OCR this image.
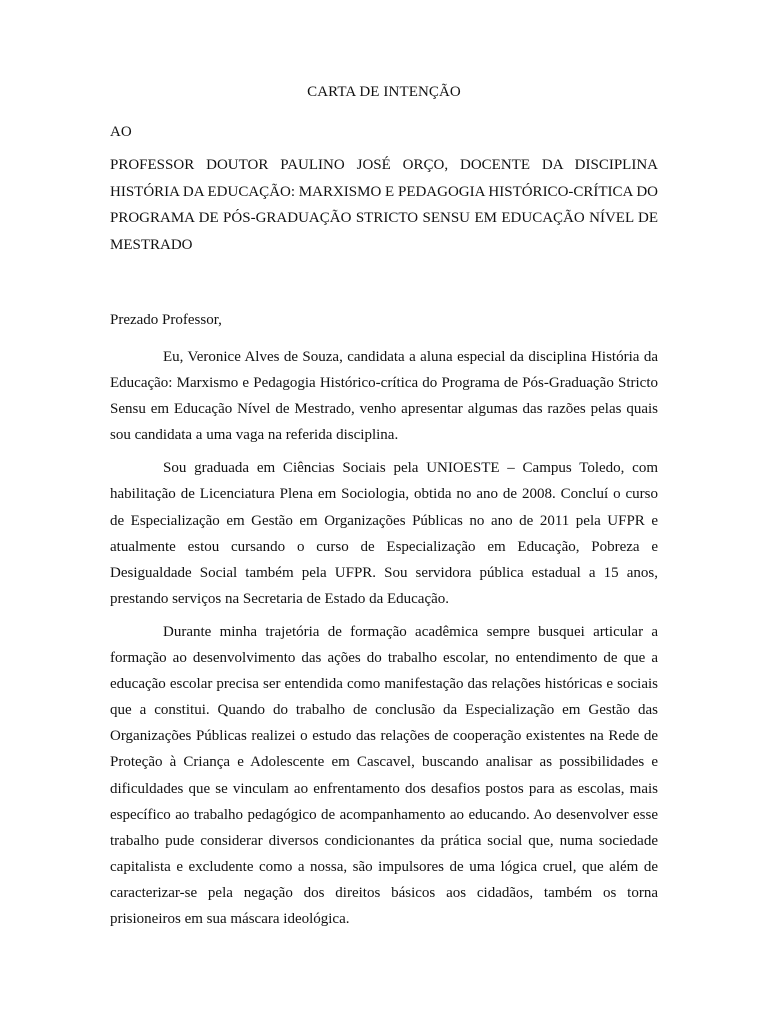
CARTA DE INTENÇÃO
AO

PROFESSOR DOUTOR PAULINO JOSÉ ORÇO, DOCENTE DA DISCIPLINA HISTÓRIA DA EDUCAÇÃO: MARXISMO E PEDAGOGIA HISTÓRICO-CRÍTICA DO PROGRAMA DE PÓS-GRADUAÇÃO STRICTO SENSU EM EDUCAÇÃO NÍVEL DE MESTRADO

Prezado Professor,

Eu, Veronice Alves de Souza, candidata a aluna especial da disciplina História da Educação: Marxismo e Pedagogia Histórico-crítica do Programa de Pós-Graduação Stricto Sensu em Educação Nível de Mestrado, venho apresentar algumas das razões pelas quais sou candidata a uma vaga na referida disciplina.

Sou graduada em Ciências Sociais pela UNIOESTE – Campus Toledo, com habilitação de Licenciatura Plena em Sociologia, obtida no ano de 2008. Concluí o curso de Especialização em Gestão em Organizações Públicas no ano de 2011 pela UFPR e atualmente estou cursando o curso de Especialização em Educação, Pobreza e Desigualdade Social também pela UFPR. Sou servidora pública estadual a 15 anos, prestando serviços na Secretaria de Estado da Educação.

Durante minha trajetória de formação acadêmica sempre busquei articular a formação ao desenvolvimento das ações do trabalho escolar, no entendimento de que a educação escolar precisa ser entendida como manifestação das relações históricas e sociais que a constitui. Quando do trabalho de conclusão da Especialização em Gestão das Organizações Públicas realizei o estudo das relações de cooperação existentes na Rede de Proteção à Criança e Adolescente em Cascavel, buscando analisar as possibilidades e dificuldades que se vinculam ao enfrentamento dos desafios postos para as escolas, mais específico ao trabalho pedagógico de acompanhamento ao educando. Ao desenvolver esse trabalho pude considerar diversos condicionantes da prática social que, numa sociedade capitalista e excludente como a nossa, são impulsores de uma lógica cruel, que além de caracterizar-se pela negação dos direitos básicos aos cidadãos, também os torna prisioneiros em sua máscara ideológica.
